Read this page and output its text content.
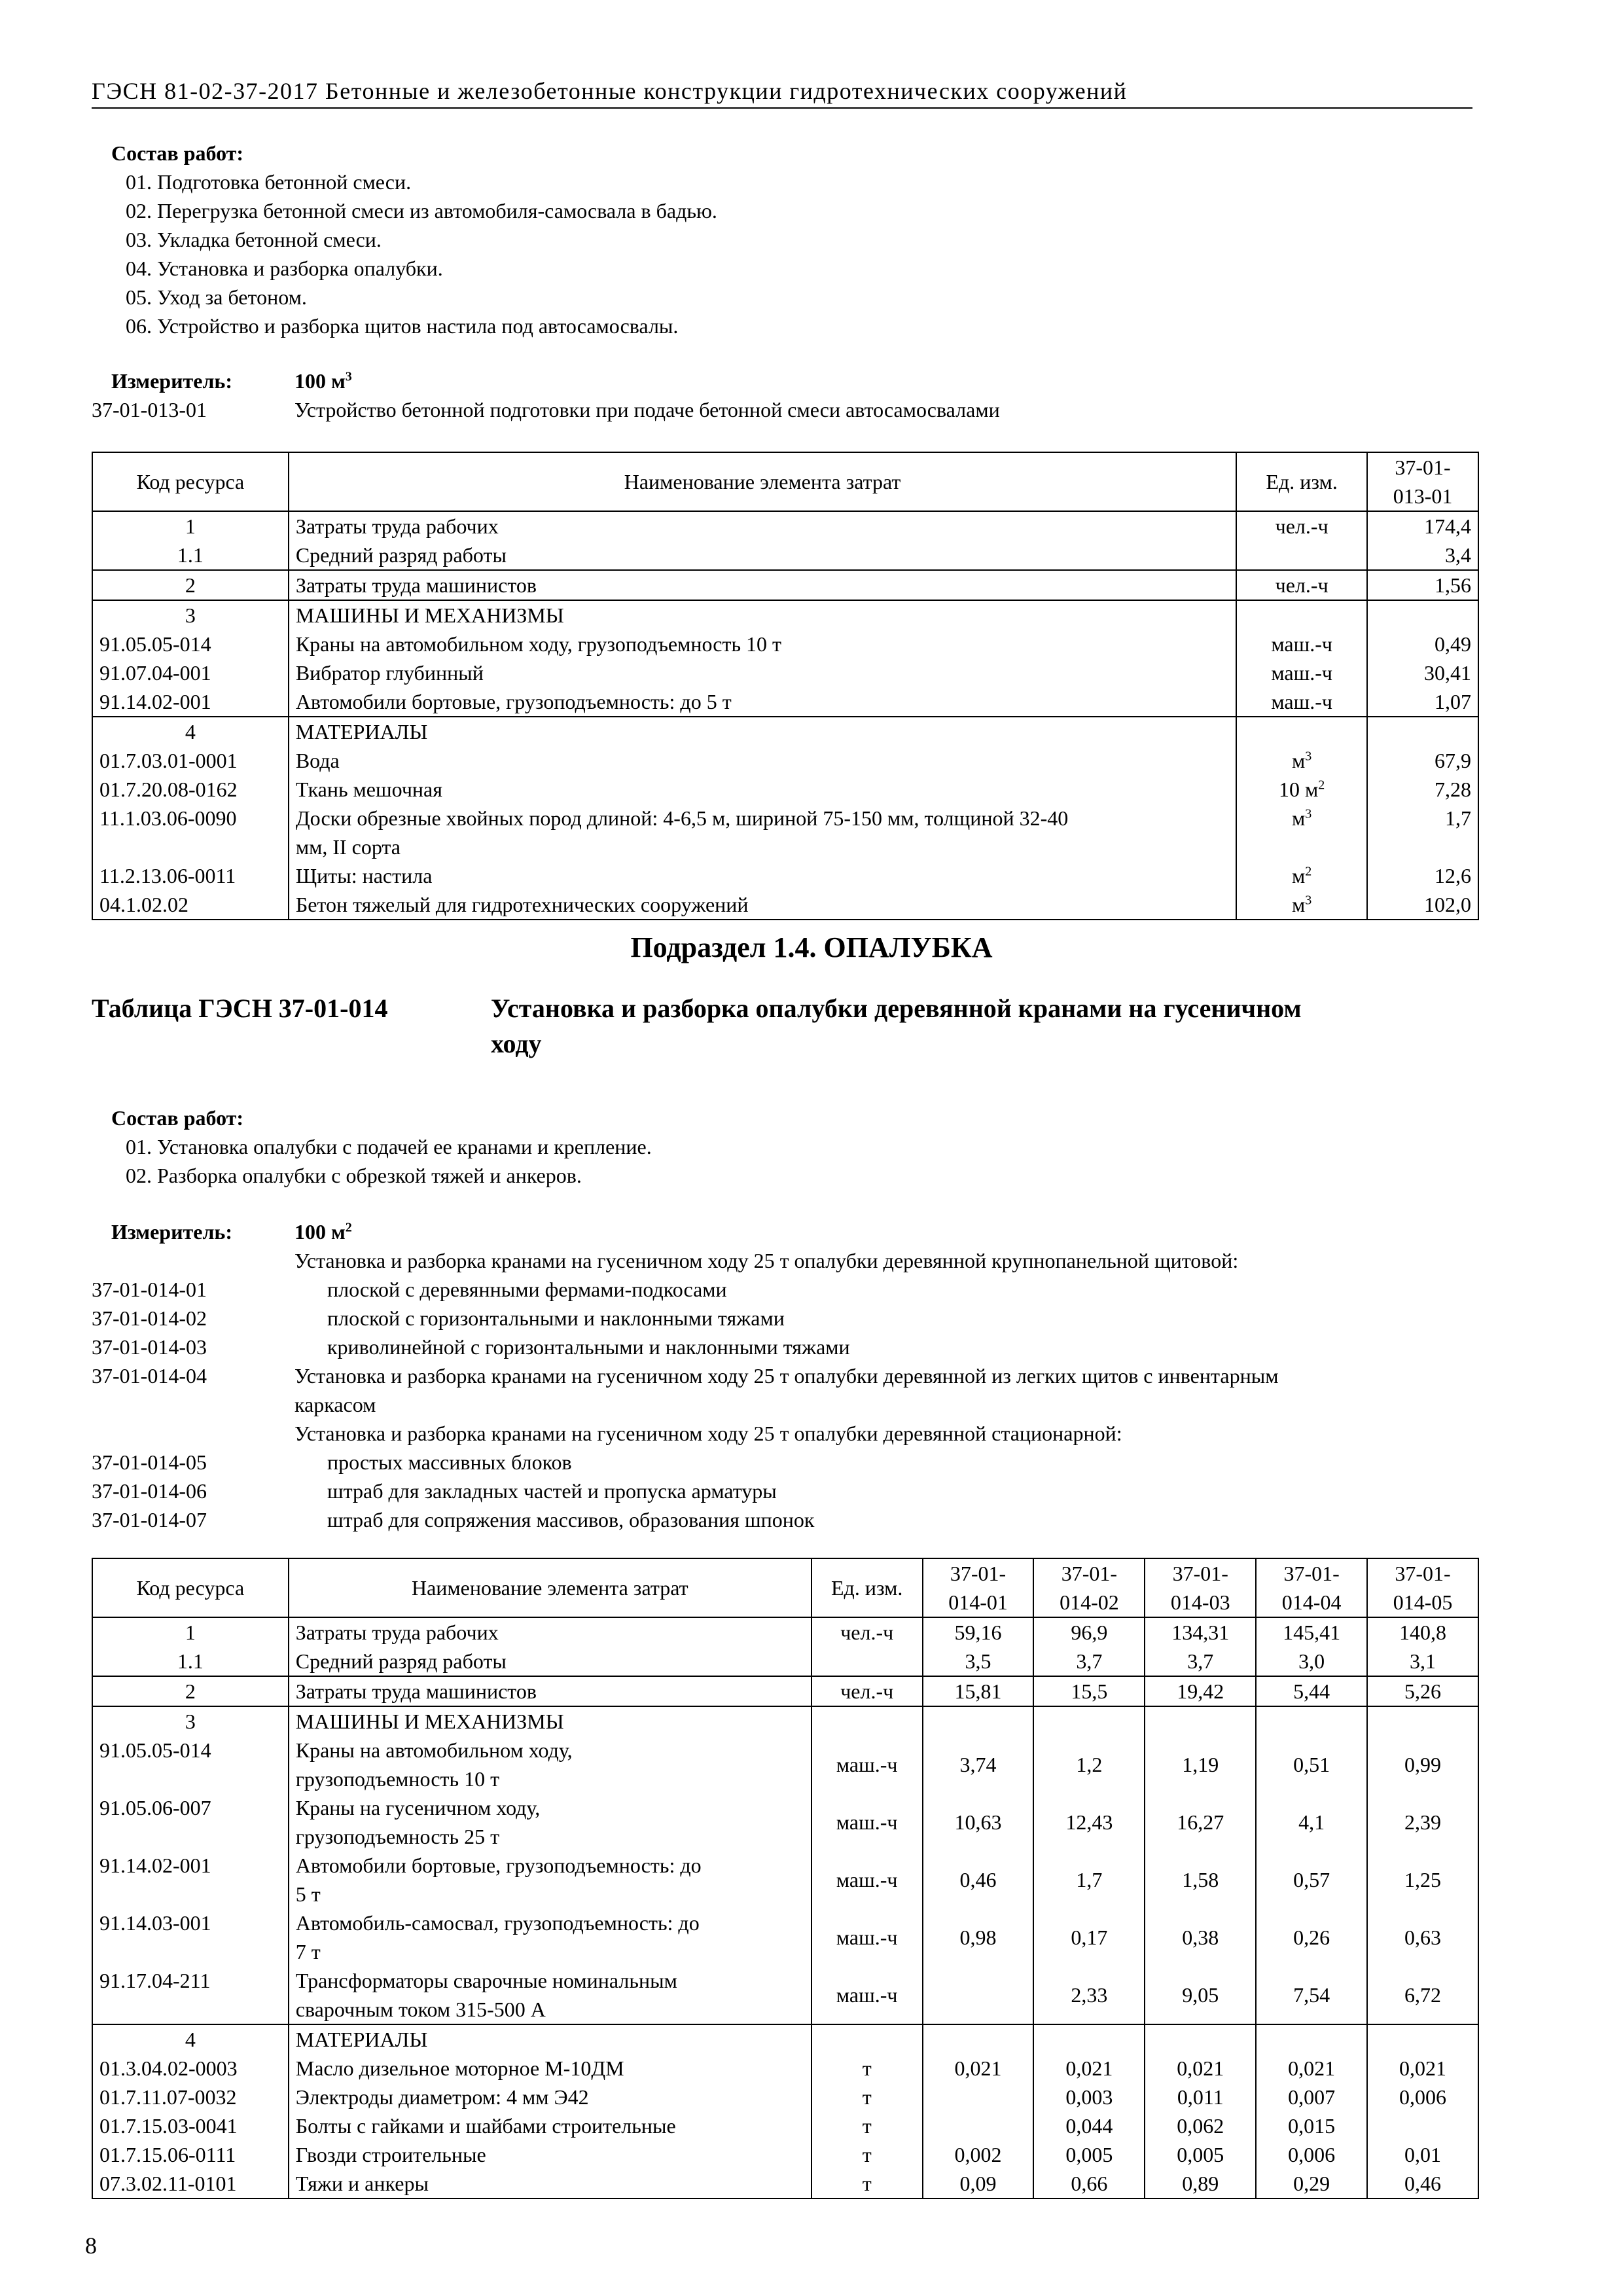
ГЭСН 81-02-37-2017 Бетонные и железобетонные конструкции гидротехнических сооружений
Состав работ:
01. Подготовка бетонной смеси.
02. Перегрузка бетонной смеси из автомобиля-самосвала в бадью.
03. Укладка бетонной смеси.
04. Установка и разборка опалубки.
05. Уход за бетоном.
06. Устройство и разборка щитов настила под автосамосвалы.
Измеритель:	100 $м^3$
37-01-013-01	Устройство бетонной подготовки при подаче бетонной смеси автосамосвалами
Код ресурса	Наименование элемента затрат	Ед. изм.	37-01-
013-01
1	Затраты труда рабочих	чел.-ч	174,4
1.1	Средний разряд работы		3,4
2	Затраты труда машинистов	чел.-ч	1,56
3	МАШИНЫ И МЕХАНИЗМЫ		
91.05.05-014	Краны на автомобильном ходу, грузоподъемность 10 т	маш.-ч	0,49
91.07.04-001	Вибратор глубинный	маш.-ч	30,41
91.14.02-001	Автомобили бортовые, грузоподъемность: до 5 т	маш.-ч	1,07
4	МАТЕРИАЛЫ		
01.7.03.01-0001	Вода	$м^3$	67,9
01.7.20.08-0162	Ткань мешочная	10 $м^2$	7,28
11.1.03.06-0090	Доски обрезные хвойных пород длиной: 4-6,5 м, шириной 75-150 мм, толщиной 32-40	$м^3$	1,7
	мм, II сорта		
11.2.13.06-0011	Щиты: настила	$м^2$	12,6
04.1.02.02	Бетон тяжелый для гидротехнических сооружений	$м^3$	102,0
Подраздел 1.4. ОПАЛУБКА
Таблица ГЭСН 37-01-014	Установка и разборка опалубки деревянной кранами на гусеничном
ходу
Состав работ:
01. Установка опалубки с подачей ее кранами и крепление.
02. Разборка опалубки с обрезкой тяжей и анкеров.
Измеритель:	100 $м^2$
Установка и разборка кранами на гусеничном ходу 25 т опалубки деревянной крупнопанельной щитовой:
37-01-014-01	плоской с деревянными фермами-подкосами
37-01-014-02	плоской с горизонтальными и наклонными тяжами
37-01-014-03	криволинейной с горизонтальными и наклонными тяжами
37-01-014-04	Установка и разборка кранами на гусеничном ходу 25 т опалубки деревянной из легких щитов с инвентарным
каркасом
Установка и разборка кранами на гусеничном ходу 25 т опалубки деревянной стационарной:
37-01-014-05	простых массивных блоков
37-01-014-06	штраб для закладных частей и пропуска арматуры
37-01-014-07	штраб для сопряжения массивов, образования шпонок
Код ресурса	Наименование элемента затрат	Ед. изм.	37-01-
014-01	37-01-
014-02	37-01-
014-03	37-01-
014-04	37-01-
014-05
1	Затраты труда рабочих	чел.-ч	59,16	96,9	134,31	145,41	140,8
1.1	Средний разряд работы		3,5	3,7	3,7	3,0	3,1
2	Затраты труда машинистов	чел.-ч	15,81	15,5	19,42	5,44	5,26
3	МАШИНЫ И МЕХАНИЗМЫ						

91.05.05-014	Краны на автомобильном ходу,
грузоподъемность 10 т	маш.-ч	3,74	1,2	1,19	0,51	0,99
91.05.06-007	Краны на гусеничном ходу,
грузоподъемность 25 т	маш.-ч	10,63	12,43	16,27	4,1	2,39
91.14.02-001	Автомобили бортовые, грузоподъемность: до
5 т	маш.-ч	0,46	1,7	1,58	0,57	1,25
91.14.03-001	Автомобиль-самосвал, грузоподъемность: до
7 т	маш.-ч	0,98	0,17	0,38	0,26	0,63
91.17.04-211	Трансформаторы сварочные номинальным
сварочным током 315-500 А	маш.-ч		2,33	9,05	7,54	6,72
4	МАТЕРИАЛЫ						

01.3.04.02-0003	Масло дизельное моторное М-10ДМ	т	0,021	0,021	0,021	0,021	0,021
01.7.11.07-0032	Электроды диаметром: 4 мм Э42	т		0,003	0,011	0,007	0,006
01.7.15.03-0041	Болты с гайками и шайбами строительные	т		0,044	0,062	0,015	
01.7.15.06-0111	Гвозди строительные	т	0,002	0,005	0,005	0,006	0,01
07.3.02.11-0101	Тяжи и анкеры	т	0,09	0,66	0,89	0,29	0,46
8
